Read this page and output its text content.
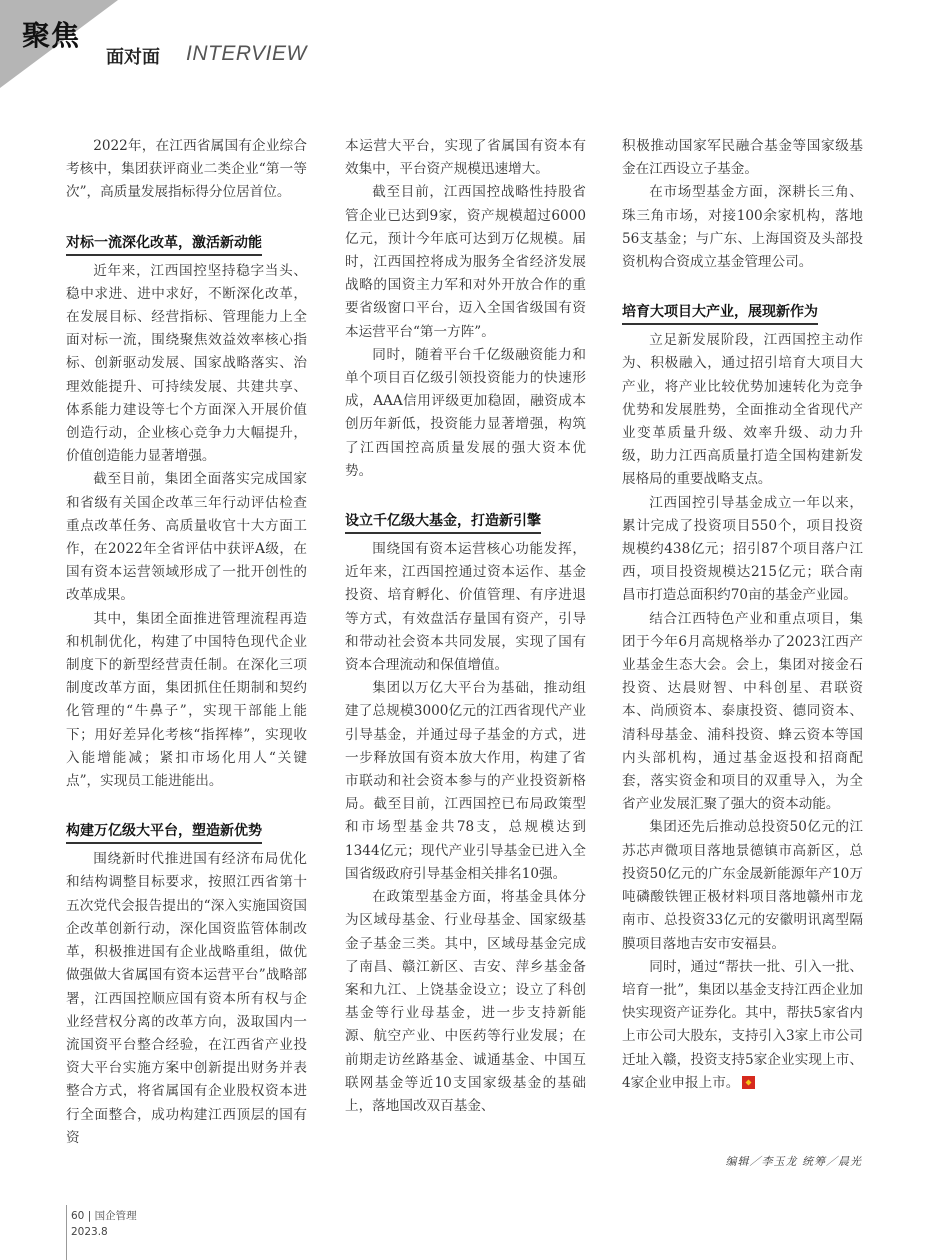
聚焦
面对面 INTERVIEW

2022年，在江西省属国有企业综合考核中，集团获评商业二类企业“第一等次”，高质量发展指标得分位居首位。

对标一流深化改革，激活新动能

近年来，江西国控坚持稳字当头、稳中求进、进中求好，不断深化改革，在发展目标、经营指标、管理能力上全面对标一流，围绕聚焦效益效率核心指标、创新驱动发展、国家战略落实、治理效能提升、可持续发展、共建共享、体系能力建设等七个方面深入开展价值创造行动，企业核心竞争力大幅提升，价值创造能力显著增强。

截至目前，集团全面落实完成国家和省级有关国企改革三年行动评估检查重点改革任务、高质量收官十大方面工作，在2022年全省评估中获评A级，在国有资本运营领域形成了一批开创性的改革成果。

其中，集团全面推进管理流程再造和机制优化，构建了中国特色现代企业制度下的新型经营责任制。在深化三项制度改革方面，集团抓住任期制和契约化管理的“牛鼻子”，实现干部能上能下；用好差异化考核“指挥棒”，实现收入能增能减；紧扣市场化用人“关键点”，实现员工能进能出。

构建万亿级大平台，塑造新优势

围绕新时代推进国有经济布局优化和结构调整目标要求，按照江西省第十五次党代会报告提出的“深入实施国资国企改革创新行动，深化国资监管体制改革，积极推进国有企业战略重组，做优做强做大省属国有资本运营平台”战略部署，江西国控顺应国有资本所有权与企业经营权分离的改革方向，汲取国内一流国资平台整合经验，在江西省产业投资大平台实施方案中创新提出财务并表整合方式，将省属国有企业股权资本进行全面整合，成功构建江西顶层的国有资

本运营大平台，实现了省属国有资本有效集中，平台资产规模迅速增大。

截至目前，江西国控战略性持股省管企业已达到9家，资产规模超过6000亿元，预计今年底可达到万亿规模。届时，江西国控将成为服务全省经济发展战略的国资主力军和对外开放合作的重要省级窗口平台，迈入全国省级国有资本运营平台“第一方阵”。

同时，随着平台千亿级融资能力和单个项目百亿级引领投资能力的快速形成，AAA信用评级更加稳固，融资成本创历年新低，投资能力显著增强，构筑了江西国控高质量发展的强大资本优势。

设立千亿级大基金，打造新引擎

围绕国有资本运营核心功能发挥，近年来，江西国控通过资本运作、基金投资、培育孵化、价值管理、有序进退等方式，有效盘活存量国有资产，引导和带动社会资本共同发展，实现了国有资本合理流动和保值增值。

集团以万亿大平台为基础，推动组建了总规模3000亿元的江西省现代产业引导基金，并通过母子基金的方式，进一步释放国有资本放大作用，构建了省市联动和社会资本参与的产业投资新格局。截至目前，江西国控已布局政策型和市场型基金共78支，总规模达到1344亿元；现代产业引导基金已进入全国省级政府引导基金相关排名10强。

在政策型基金方面，将基金具体分为区域母基金、行业母基金、国家级基金子基金三类。其中，区域母基金完成了南昌、赣江新区、吉安、萍乡基金备案和九江、上饶基金设立；设立了科创基金等行业母基金，进一步支持新能源、航空产业、中医药等行业发展；在前期走访丝路基金、诚通基金、中国互联网基金等近10支国家级基金的基础上，落地国改双百基金、

积极推动国家军民融合基金等国家级基金在江西设立子基金。

在市场型基金方面，深耕长三角、珠三角市场，对接100余家机构，落地56支基金；与广东、上海国资及头部投资机构合资成立基金管理公司。

培育大项目大产业，展现新作为

立足新发展阶段，江西国控主动作为、积极融入，通过招引培育大项目大产业，将产业比较优势加速转化为竞争优势和发展胜势，全面推动全省现代产业变革质量升级、效率升级、动力升级，助力江西高质量打造全国构建新发展格局的重要战略支点。

江西国控引导基金成立一年以来，累计完成了投资项目550个，项目投资规模约438亿元；招引87个项目落户江西，项目投资规模达215亿元；联合南昌市打造总面积约70亩的基金产业园。

结合江西特色产业和重点项目，集团于今年6月高规格举办了2023江西产业基金生态大会。会上，集团对接金石投资、达晨财智、中科创星、君联资本、尚颀资本、泰康投资、德同资本、清科母基金、浦科投资、蜂云资本等国内头部机构，通过基金返投和招商配套，落实资金和项目的双重导入，为全省产业发展汇聚了强大的资本动能。

集团还先后推动总投资50亿元的江苏芯声微项目落地景德镇市高新区，总投资50亿元的广东金晟新能源年产10万吨磷酸铁锂正极材料项目落地赣州市龙南市、总投资33亿元的安徽明讯离型隔膜项目落地吉安市安福县。

同时，通过“帮扶一批、引入一批、培育一批”，集团以基金支持江西企业加快实现资产证券化。其中，帮扶5家省内上市公司大股东，支持引入3家上市公司迁址入赣，投资支持5家企业实现上市、4家企业申报上市。

编辑／李玉龙 统筹／晨光
60 | 国企管理
2023.8
